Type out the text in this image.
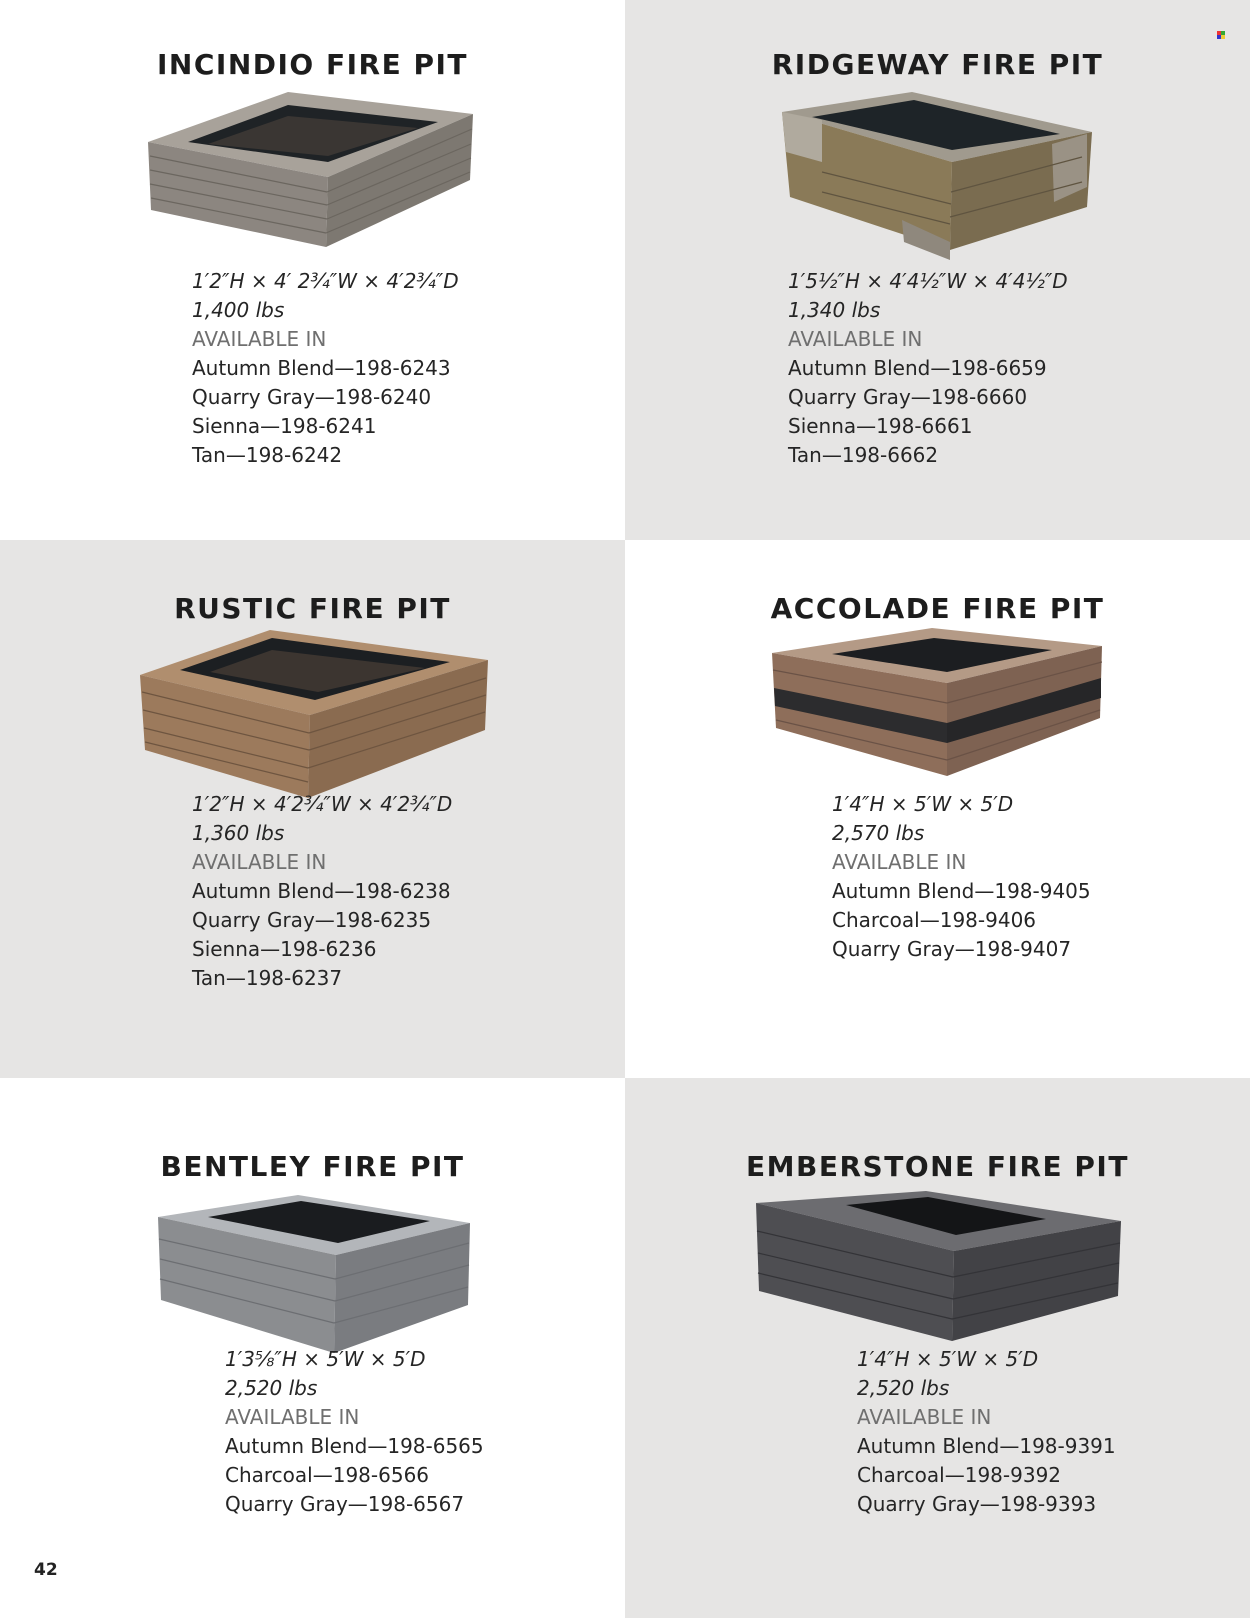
INCINDIO FIRE PIT
1′2″H × 4′ 2¾″W × 4′2¾″D
1,400 lbs
AVAILABLE IN
Autumn Blend—198-6243
Quarry Gray—198-6240
Sienna—198-6241
Tan—198-6242
RIDGEWAY FIRE PIT
1′5½″H × 4′4½″W × 4′4½″D
1,340 lbs
AVAILABLE IN
Autumn Blend—198-6659
Quarry Gray—198-6660
Sienna—198-6661
Tan—198-6662
RUSTIC FIRE PIT
1′2″H × 4′2¾″W × 4′2¾″D
1,360 lbs
AVAILABLE IN
Autumn Blend—198-6238
Quarry Gray—198-6235
Sienna—198-6236
Tan—198-6237
ACCOLADE FIRE PIT
1′4″H × 5′W × 5′D
2,570 lbs
AVAILABLE IN
Autumn Blend—198-9405
Charcoal—198-9406
Quarry Gray—198-9407
BENTLEY FIRE PIT
1′3⅝″H × 5′W × 5′D
2,520 lbs
AVAILABLE IN
Autumn Blend—198-6565
Charcoal—198-6566
Quarry Gray—198-6567
42
EMBERSTONE FIRE PIT
1′4″H × 5′W × 5′D
2,520 lbs
AVAILABLE IN
Autumn Blend—198-9391
Charcoal—198-9392
Quarry Gray—198-9393
